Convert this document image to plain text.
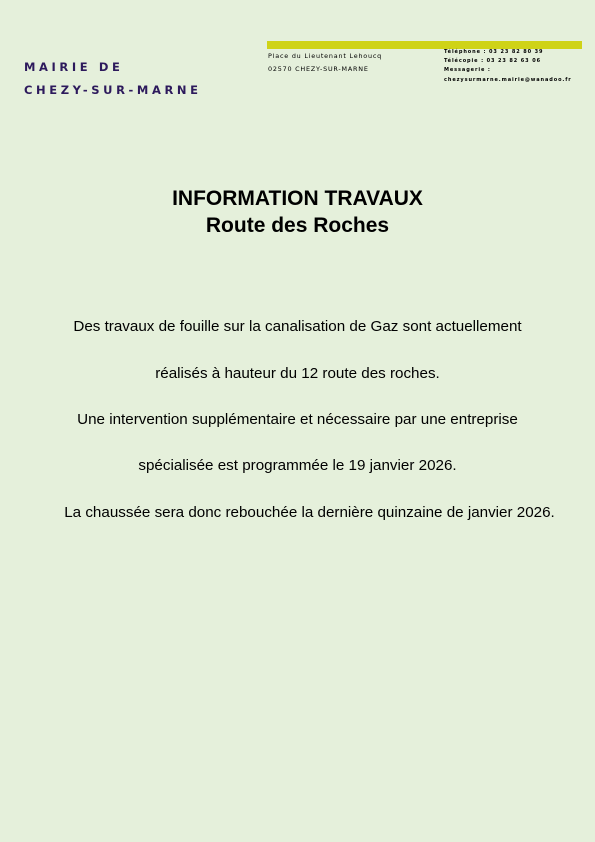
MAIRIE DE
CHEZY-SUR-MARNE
Place du Lieutenant Lehoucq
02570 CHEZY-SUR-MARNE
Téléphone : 03 23 82 80 39
Télécopie : 03 23 82 63 06
Messagerie :
chezysurmarne.mairie@wanadoo.fr
INFORMATION TRAVAUX
Route des Roches
Des travaux de fouille sur la canalisation de Gaz sont actuellement
réalisés à hauteur du 12 route des roches.
Une intervention supplémentaire et nécessaire par une entreprise
spécialisée est programmée le 19 janvier 2026.
La chaussée sera donc rebouchée la dernière quinzaine de janvier 2026.
